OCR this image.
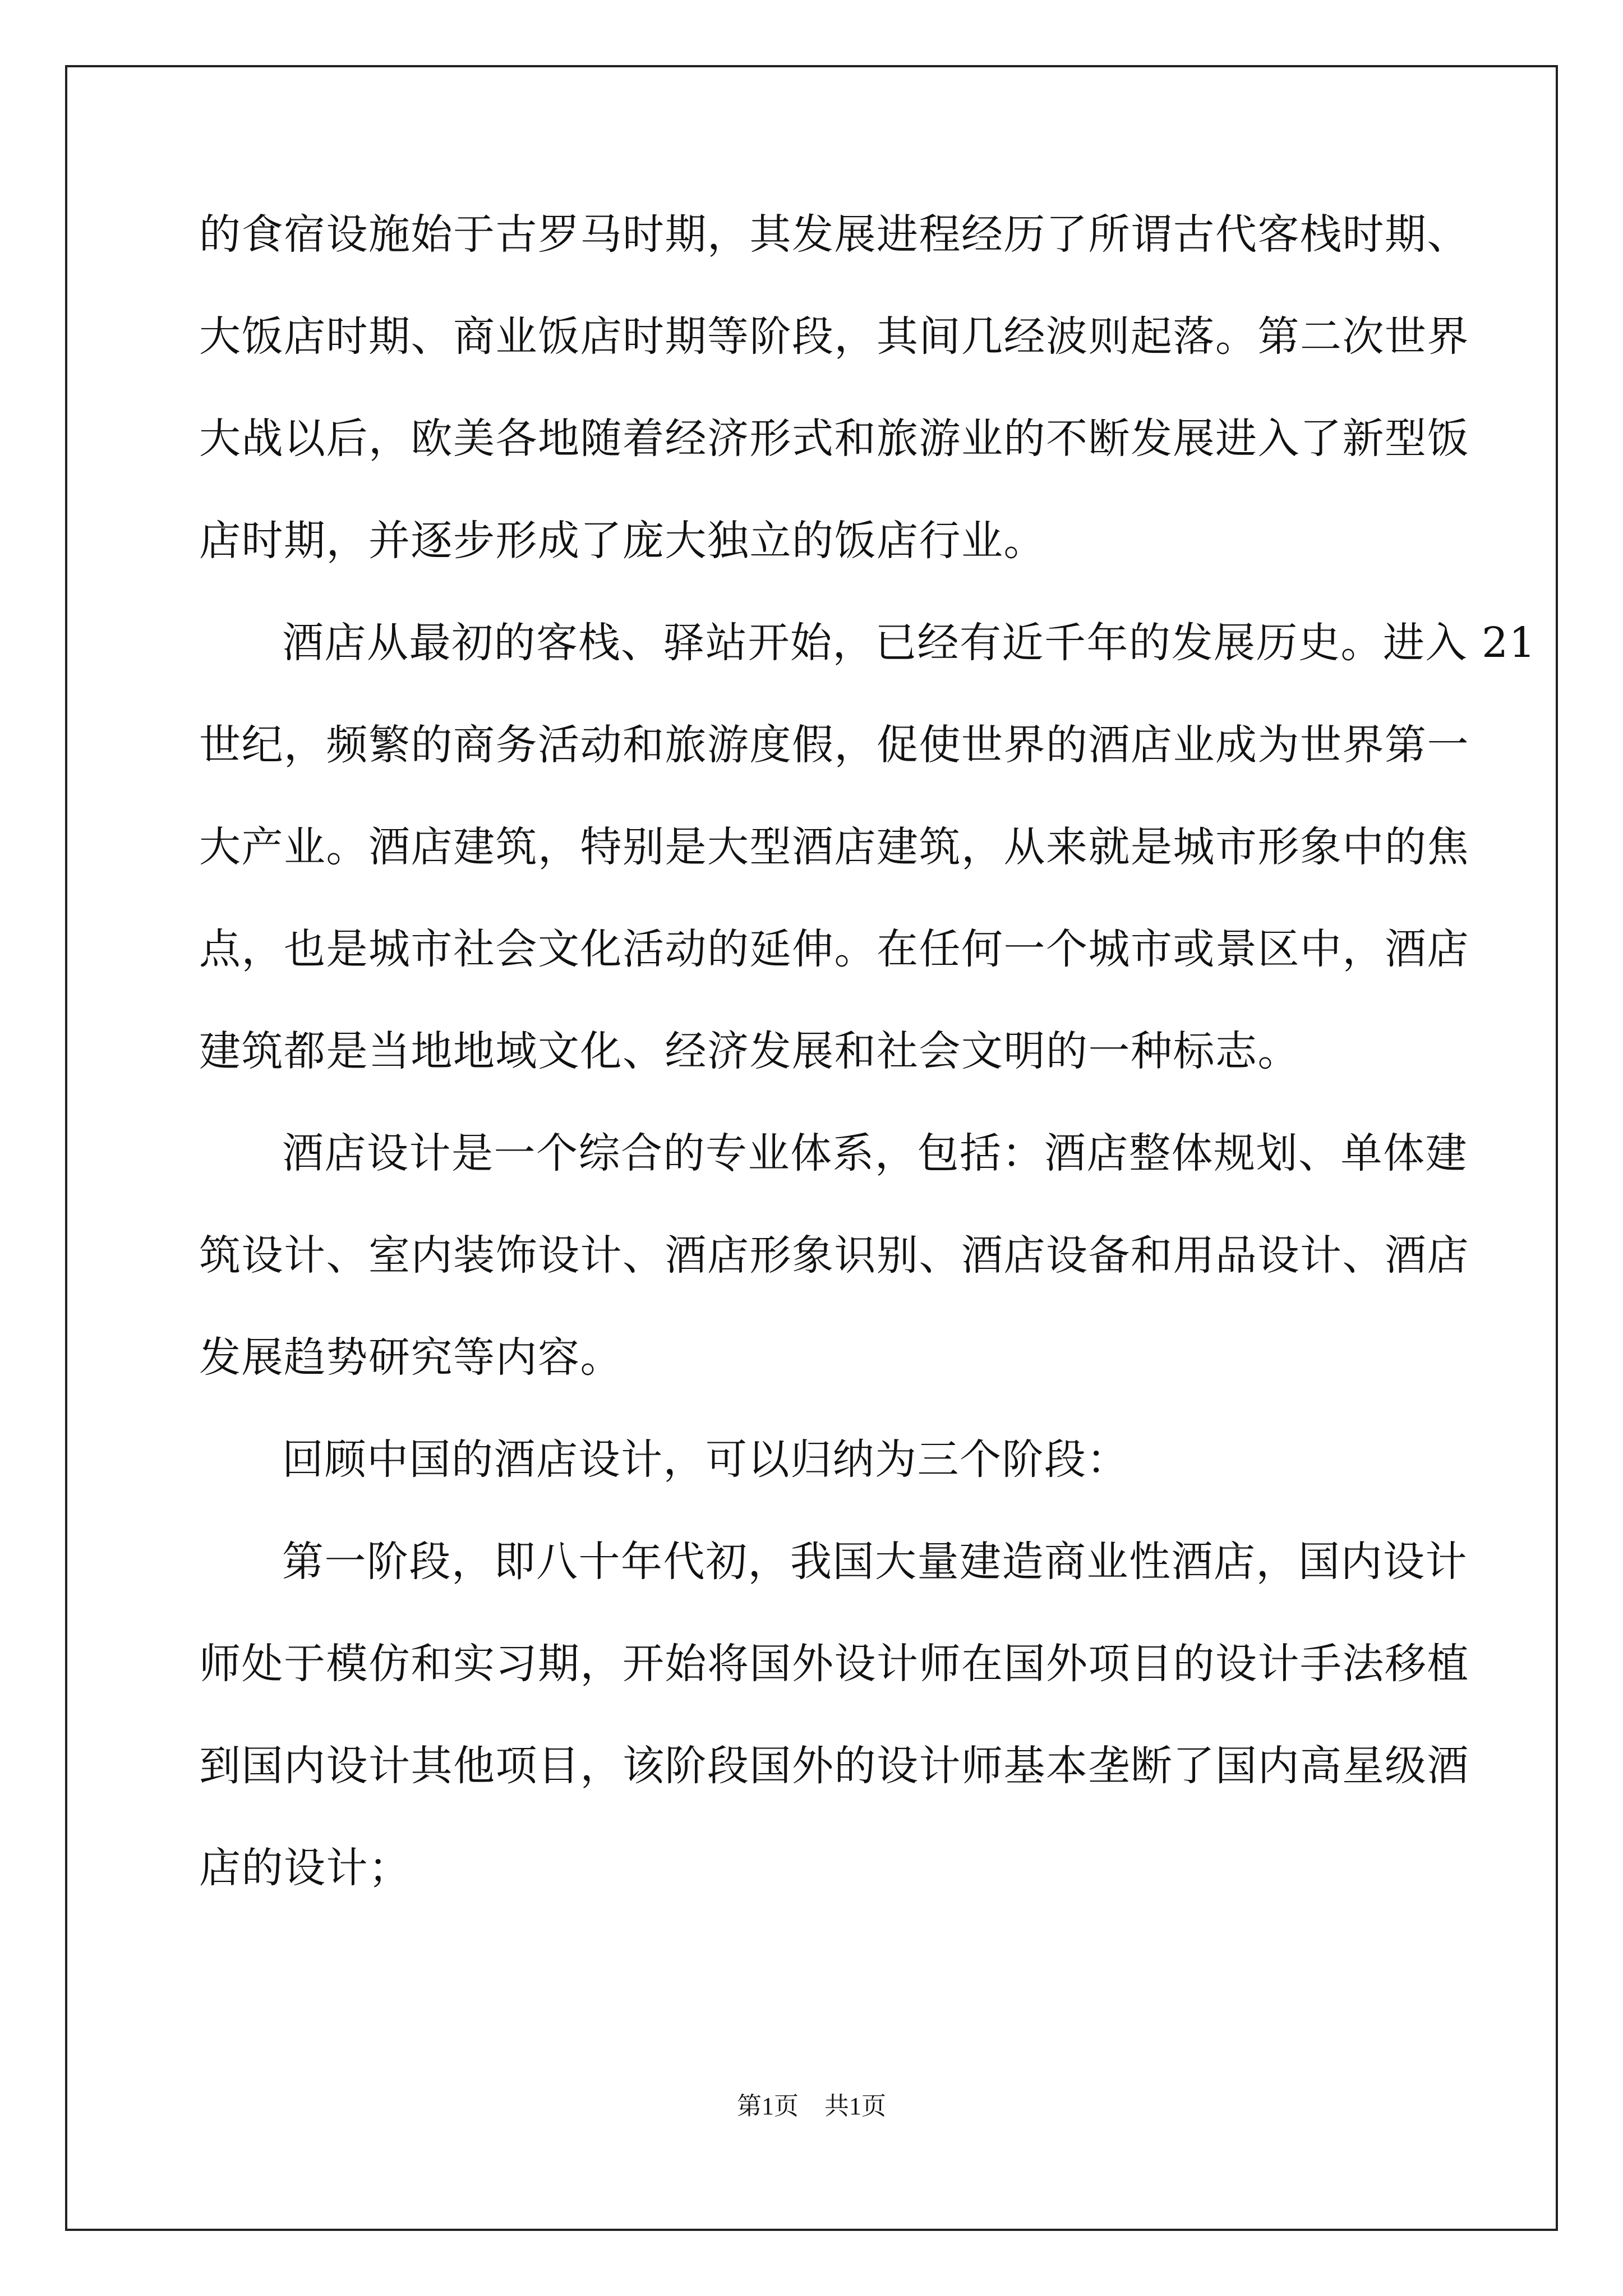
的食宿设施始于古罗马时期，其发展进程经历了所谓古代客栈时期、
大饭店时期、商业饭店时期等阶段，其间几经波则起落。第二次世界
大战以后，欧美各地随着经济形式和旅游业的不断发展进入了新型饭
店时期，并逐步形成了庞大独立的饭店行业。
酒店从最初的客栈、驿站开始，已经有近千年的发展历史。进入 21
世纪，频繁的商务活动和旅游度假，促使世界的酒店业成为世界第一
大产业。酒店建筑，特别是大型酒店建筑，从来就是城市形象中的焦
点，也是城市社会文化活动的延伸。在任何一个城市或景区中，酒店
建筑都是当地地域文化、经济发展和社会文明的一种标志。
酒店设计是一个综合的专业体系，包括：酒店整体规划、单体建
筑设计、室内装饰设计、酒店形象识别、酒店设备和用品设计、酒店
发展趋势研究等内容。
回顾中国的酒店设计，可以归纳为三个阶段：
第一阶段，即八十年代初，我国大量建造商业性酒店，国内设计
师处于模仿和实习期，开始将国外设计师在国外项目的设计手法移植
到国内设计其他项目，该阶段国外的设计师基本垄断了国内高星级酒
店的设计；
第1页 共1页
